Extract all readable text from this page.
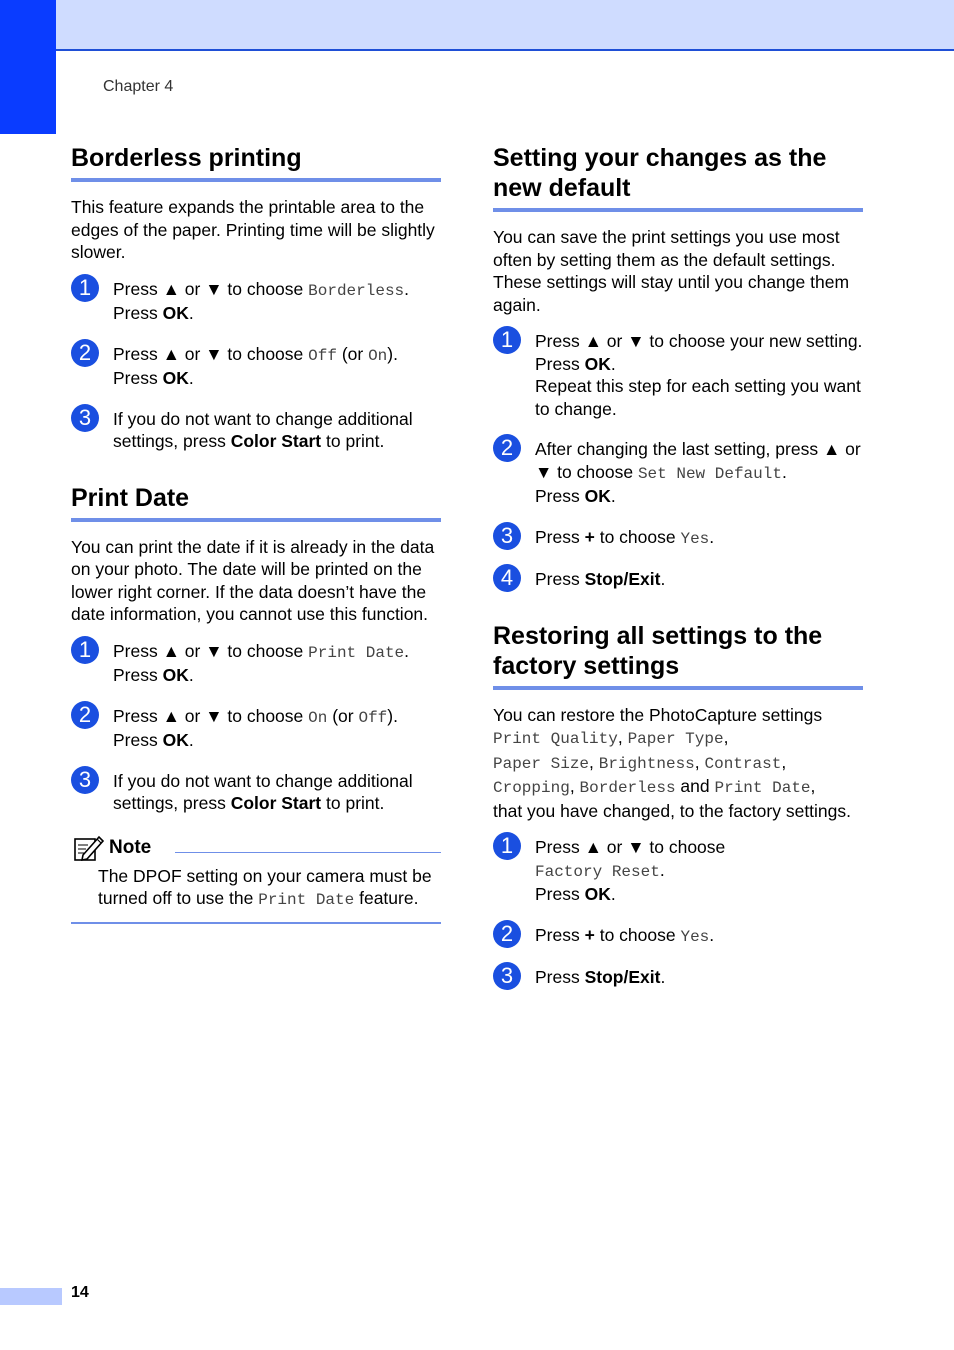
Chapter 4
Borderless printing

This feature expands the printable area to the edges of the paper. Printing time will be slightly slower.

1	Press ▲ or ▼ to choose Borderless.
Press OK.
2	Press ▲ or ▼ to choose Off (or On).
Press OK.
3	If you do not want to change additional settings, press Color Start to print.
Print Date

You can print the date if it is already in the data on your photo. The date will be printed on the lower right corner. If the data doesn’t have the date information, you cannot use this function.

1	Press ▲ or ▼ to choose Print Date.
Press OK.
2	Press ▲ or ▼ to choose On (or Off).
Press OK.
3	If you do not want to change additional settings, press Color Start to print.
Note
The DPOF setting on your camera must be turned off to use the Print Date feature.
Setting your changes as the
new default

You can save the print settings you use most often by setting them as the default settings. These settings will stay until you change them again.

1	Press ▲ or ▼ to choose your new setting.
Press OK.
Repeat this step for each setting you want to change.
2	After changing the last setting, press ▲ or ▼ to choose Set New Default.
Press OK.
3	Press + to choose Yes.
4	Press Stop/Exit.
Restoring all settings to the
factory settings

You can restore the PhotoCapture settings
Print Quality, Paper Type,
Paper Size, Brightness, Contrast,
Cropping, Borderless and Print Date,
that you have changed, to the factory settings.

1	Press ▲ or ▼ to choose
Factory Reset.
Press OK.
2	Press + to choose Yes.
3	Press Stop/Exit.
14
